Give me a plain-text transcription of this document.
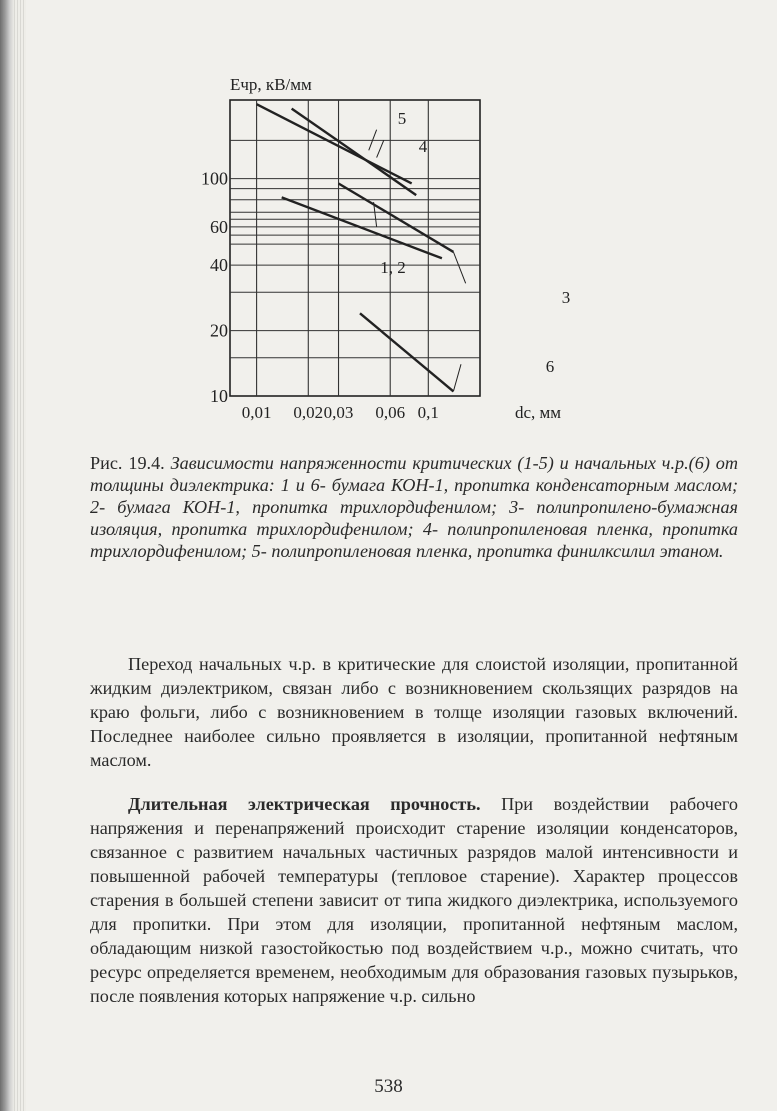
10
20
40
60
100
0,01 0,02 0,03 0,06 0,1
Eчр, кВ/мм
dс, мм
5
4
1, 2
3
6
Рис. 19.4. Зависимости напряженности критических (1-5) и начальных ч.р.(6) от толщины диэлектрика: 1 и 6- бумага КОН-1, пропитка конденсаторным маслом; 2- бумага КОН-1, пропитка трихлордифенилом; 3- полипропилено-бумажная изоляция, пропитка трихлордифенилом; 4- полипропиленовая пленка, пропитка трихлордифенилом; 5- полипропиленовая пленка, пропитка финилксилил этаном.

Переход начальных ч.р. в критические для слоистой изоляции, пропитанной жидким диэлектриком, связан либо с возникновением скользящих разрядов на краю фольги, либо с возникновением в толще изоляции газовых включений. Последнее наиболее сильно проявляется в изоляции, пропитанной нефтяным маслом.

Длительная электрическая прочность. При воздействии рабочего напряжения и перенапряжений происходит старение изоляции конденсаторов, связанное с развитием начальных частичных разрядов малой интенсивности и повышенной рабочей температуры (тепловое старение). Характер процессов старения в большей степени зависит от типа жидкого диэлектрика, используемого для пропитки. При этом для изоляции, пропитанной нефтяным маслом, обладающим низкой газостойкостью под воздействием ч.р., можно считать, что ресурс определяется временем, необходимым для образования газовых пузырьков, после появления которых напряжение ч.р. сильно

538
